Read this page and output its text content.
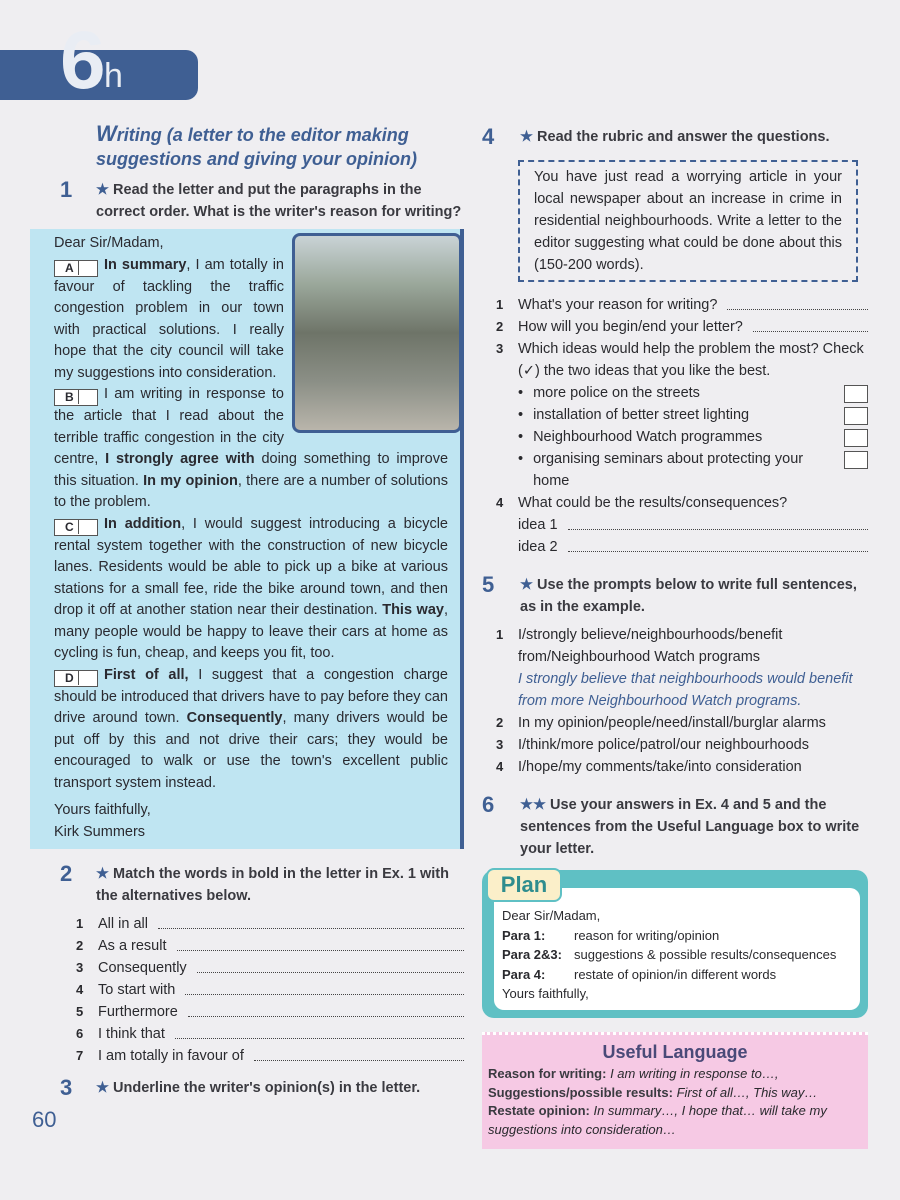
6
h
Writing (a letter to the editor making suggestions and giving your opinion)
1 ★ Read the letter and put the paragraphs in the correct order. What is the writer's reason for writing?

Dear Sir/Madam,

A In summary, I am totally in favour of tackling the traffic congestion problem in our town with practical solutions. I really hope that the city council will take my suggestions into consideration.

B I am writing in response to the article that I read about the terrible traffic congestion in the city centre, I strongly agree with doing something to improve this situation. In my opinion, there are a number of solutions to the problem.

C In addition, I would suggest introducing a bicycle rental system together with the construction of new bicycle lanes. Residents would be able to pick up a bike at various stations for a small fee, ride the bike around town, and then drop it off at another station near their destination. This way, many people would be happy to leave their cars at home as cycling is fun, cheap, and keeps you fit, too.

D First of all, I suggest that a congestion charge should be introduced that drivers have to pay before they can drive around town. Consequently, many drivers would be put off by this and not drive their cars; they would be encouraged to walk or use the town's excellent public transport system instead.

Yours faithfully,

Kirk Summers

2 ★ Match the words in bold in the letter in Ex. 1 with the alternatives below.
1	All in all
2	As a result
3	Consequently
4	To start with
5	Furthermore
6	I think that
7	I am totally in favour of
3 ★ Underline the writer's opinion(s) in the letter.
60
4 ★ Read the rubric and answer the questions.
You have just read a worrying article in your local newspaper about an increase in crime in residential neighbourhoods. Write a letter to the editor suggesting what could be done about this (150-200 words).
1	What's your reason for writing?
2	How will you begin/end your letter?
3	Which ideas would help the problem the most? Check (✓) the two ideas that you like the best.
• more police on the streets
• installation of better street lighting
• Neighbourhood Watch programmes
• organising seminars about protecting your home
4	What could be the results/consequences?
idea 1
idea 2
5 ★ Use the prompts below to write full sentences, as in the example.
1	I/strongly believe/neighbourhoods/benefit from/Neighbourhood Watch programs
I strongly believe that neighbourhoods would benefit from more Neighbourhood Watch programs.
2	In my opinion/people/need/install/burglar alarms
3	I/think/more police/patrol/our neighbourhoods
4	I/hope/my comments/take/into consideration
6 ★★ Use your answers in Ex. 4 and 5 and the sentences from the Useful Language box to write your letter.
Plan
Dear Sir/Madam,
Para 1:	reason for writing/opinion
Para 2&3: suggestions & possible results/consequences
Para 4:	restate of opinion/in different words
Yours faithfully,
Useful Language
Reason for writing: I am writing in response to…,
Suggestions/possible results: First of all…, This way…
Restate opinion: In summary…, I hope that… will take my suggestions into consideration…
